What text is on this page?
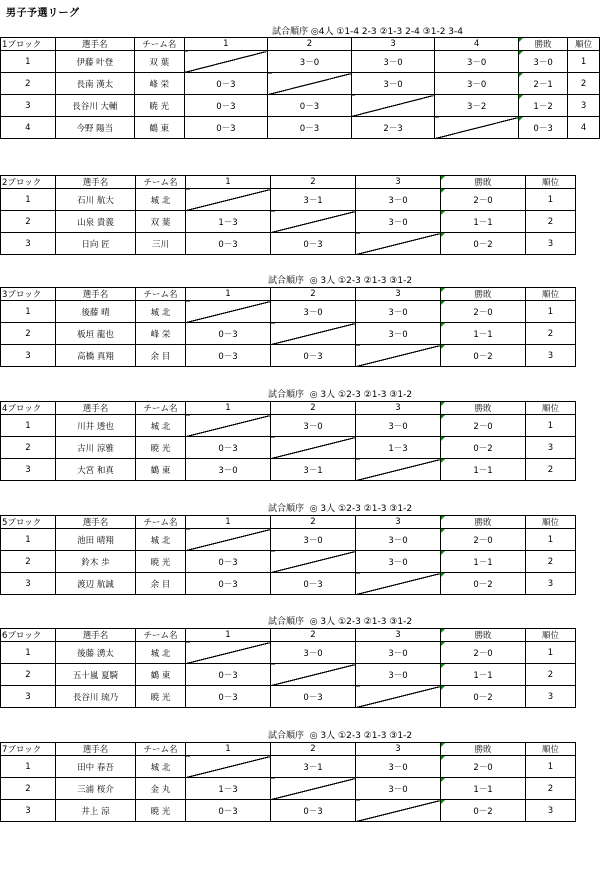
男子予選リーグ
試合順序 ◎4人 ①1-4 2-3 ②1-3 2-4 ③1-2 3-4
1ブロック	選手名	チーム名	1	2	3	4	勝敗	順位
1	伊藤 叶登	双 葉		3－0	3－0	3－0	3－0	1
2	長南 漢太	峰 栄	0－3		3－0	3－0	2－1	2
3	長谷川 大輔	暁 光	0－3	0－3		3－2	1－2	3
4	今野 陽当	鶴 東	0－3	0－3	2－3		0－3	4
2ブロック	選手名	チーム名	1	2	3	勝敗	順位
1	石川 航大	城 北		3－1	3－0	2－0	1
2	山泉 貴義	双 葉	1－3		3－0	1－1	2
3	日向 匠	三川	0－3	0－3		0－2	3
試合順序  ◎ 3人 ①2-3 ②1-3 ③1-2
3ブロック	選手名	チーム名	1	2	3	勝敗	順位
1	後藤 晴	城 北		3－0	3－0	2－0	1
2	板垣 龍也	峰 栄	0－3		3－0	1－1	2
3	高橋 真翔	余 目	0－3	0－3		0－2	3
試合順序  ◎ 3人 ①2-3 ②1-3 ③1-2
4ブロック	選手名	チーム名	1	2	3	勝敗	順位
1	川井 透也	城 北		3－0	3－0	2－0	1
2	古川 涼雅	暁 光	0－3		1－3	0－2	3
3	大宮 和真	鶴 東	3－0	3－1		1－1	2
試合順序  ◎ 3人 ①2-3 ②1-3 ③1-2
5ブロック	選手名	チーム名	1	2	3	勝敗	順位
1	池田 晴翔	城 北		3－0	3－0	2－0	1
2	鈴木 歩	暁 光	0－3		3－0	1－1	2
3	渡辺 航誠	余 目	0－3	0－3		0－2	3
試合順序  ◎ 3人 ①2-3 ②1-3 ③1-2
6ブロック	選手名	チーム名	1	2	3	勝敗	順位
1	後藤 湧太	城 北		3－0	3－0	2－0	1
2	五十嵐 夏騎	鶴 東	0－3		3－0	1－1	2
3	長谷川 琉乃	暁 光	0－3	0－3		0－2	3
試合順序  ◎ 3人 ①2-3 ②1-3 ③1-2
7ブロック	選手名	チーム名	1	2	3	勝敗	順位
1	田中 春吾	城 北		3－1	3－0	2－0	1
2	三浦 桜介	金 丸	1－3		3－0	1－1	2
3	井上 涼	暁 光	0－3	0－3		0－2	3
